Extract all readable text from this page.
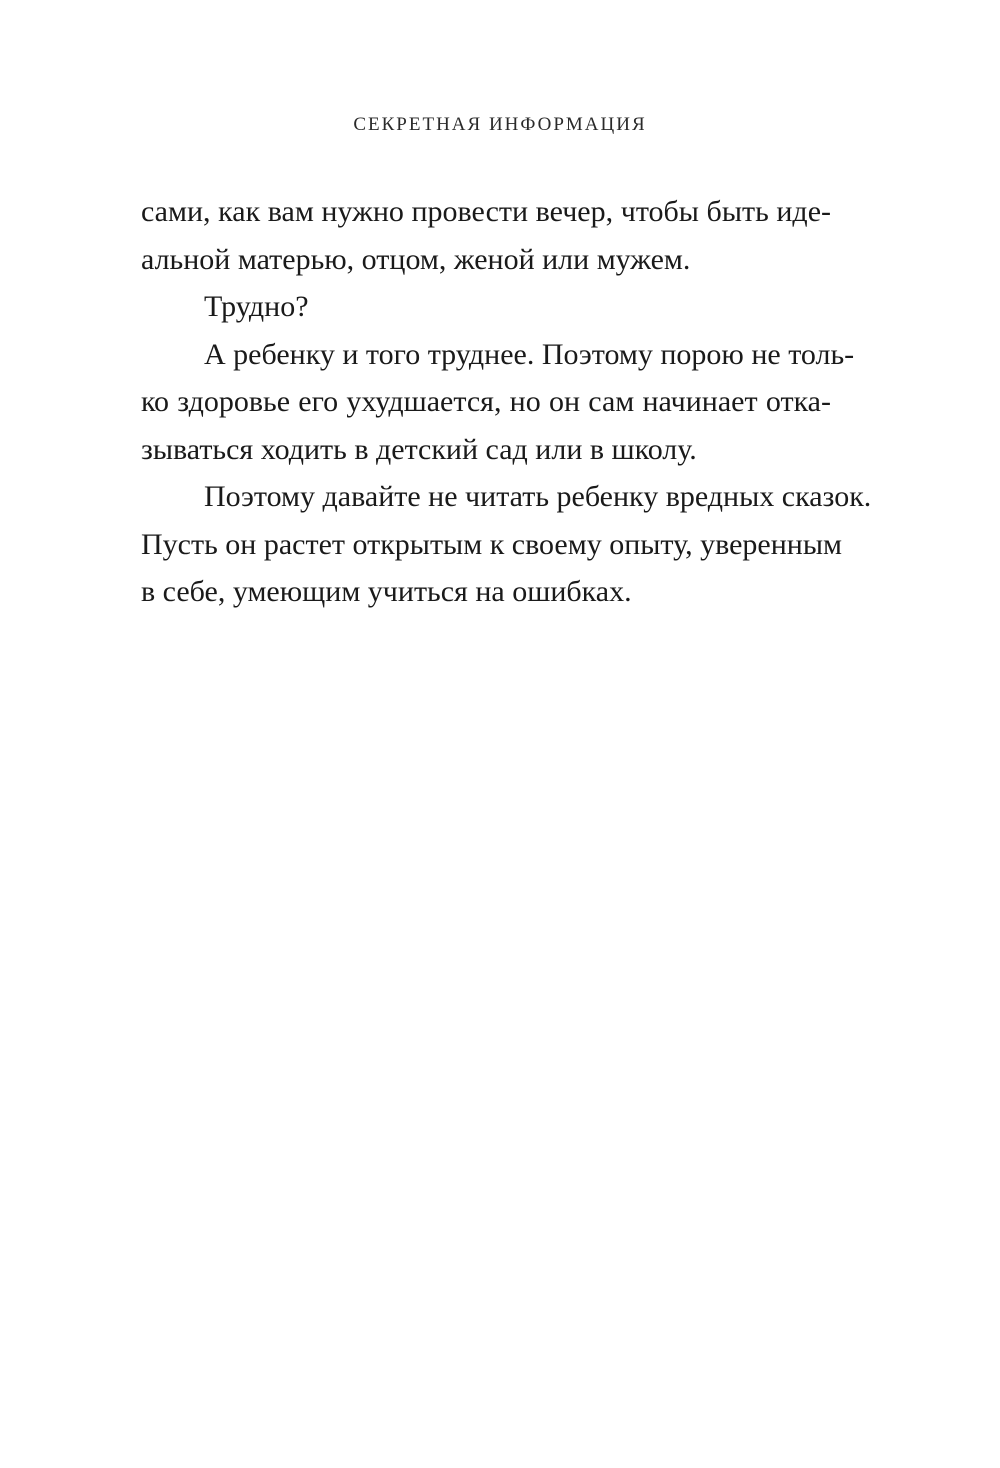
СЕКРЕТНАЯ ИНФОРМАЦИЯ
сами, как вам нужно провести вечер, чтобы быть иде-
альной матерью, отцом, женой или мужем.
Трудно?
А ребенку и того труднее. Поэтому порою не толь-
ко здоровье его ухудшается, но он сам начинает отка-
зываться ходить в детский сад или в школу.
Поэтому давайте не читать ребенку вредных сказок.
Пусть он растет открытым к своему опыту, уверенным
в себе, умеющим учиться на ошибках.
